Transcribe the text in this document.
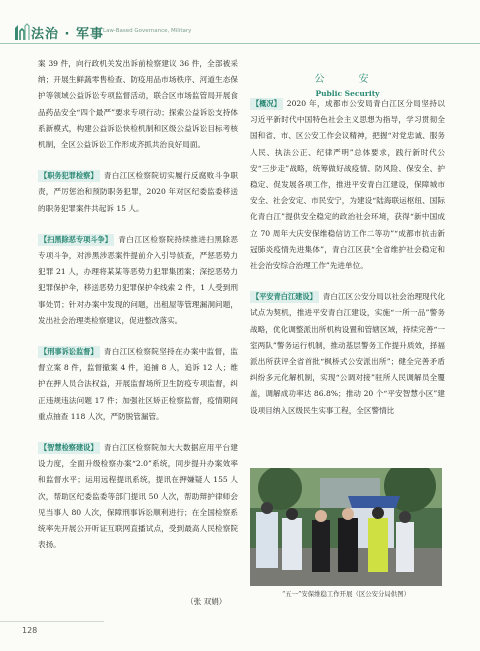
法治 · 军事 Law-Based Governance, Military

案 39 件，向行政机关发出诉前检察建议 36 件，全部被采纳；开展生鲜蔬零售检查、防疫用品市场秩序、河道生态保护等领域公益诉讼专项监督活动，联合区市场监管局开展食品药品安全“四个最严”要求专项行动；探索公益诉讼支持体系新模式，构建公益诉讼快检机制和区级公益诉讼目标考核机制，全区公益诉讼工作形成齐抓共治良好局面。

【职务犯罪检察】 青白江区检察院切实履行反腐败斗争职责，严厉惩治和预防职务犯罪，2020 年对区纪委监委移送的职务犯罪案件共起诉 15 人。

【扫黑除恶专项斗争】 青白江区检察院持续推进扫黑除恶专项斗争，对涉黑涉恶案件提前介入引导侦查，严惩恶势力犯罪 21 人，办理将某某等恶势力犯罪集团案；深挖恶势力犯罪保护伞，移送恶势力犯罪保护伞线索 2 件，1 人受到刑事处罚；针对办案中发现的问题，出租屋等管理漏洞问题，发出社会治理类检察建议，促进整改落实。

【刑事诉讼监督】 青白江区检察院坚持在办案中监督，监督立案 8 件，监督撤案 4 件，追捕 8 人，追诉 12 人；维护在押人员合法权益，开展监督场所卫生防疫专项监督，纠正违规违法问题 17 件；加强社区矫正检察监督，疫情期间重点抽查 118 人次，严防脱管漏管。

【智慧检察建设】 青白江区检察院加大大数据应用平台建设力度，全面升级检察办案“2.0”系统，同步提升办案效率和监督水平；运用远程提讯系统，提讯在押嫌疑人 155 人次，帮助区纪委监委等部门提讯 50 人次，帮助辩护律师会见当事人 80 人次，保障刑事诉讼顺利进行；在全国检察系统率先开展公开听证互联网直播试点，受到最高人民检察院表扬。

（张 双娟）
公　安
Public Security

【概况】 2020 年，成都市公安局青白江区分局坚持以习近平新时代中国特色社会主义思想为指导，学习贯彻全国和省、市、区公安工作会议精神，把握“对党忠诚、服务人民、执法公正、纪律严明”总体要求，践行新时代公安“三步走”战略，统筹做好战疫情、防风险、保安全、护稳定、促发展各项工作，推进平安青白江建设，保障城市安全、社会安定、市民安宁，为建设“陆海联运枢纽、国际化青白江”提供安全稳定的政治社会环境，获得“新中国成立 70 周年大庆安保维稳信访工作二等功”“成都市抗击新冠肺炎疫情先进集体”，青白江区获“全省维护社会稳定和社会治安综合治理工作”先进单位。

【平安青白江建设】 青白江区公安分局以社会治理现代化试点为契机，推进平安青白江建设，实施“一所一品”警务战略，优化调整派出所机构设置和管辖区域，持续完善“一室两队”警务运行机制，推动基层警务工作提升质效，择福派出所获评全省首批“枫桥式公安派出所”；健全完善矛盾纠纷多元化解机制，实现“公调对接”驻所人民调解员全覆盖，调解成功率达 86.8%；推动 20 个“平安智慧小区”建设项目纳入区级民生实事工程，全区警情比

“五一”安保维稳工作开展（区公安分局供图）
128
